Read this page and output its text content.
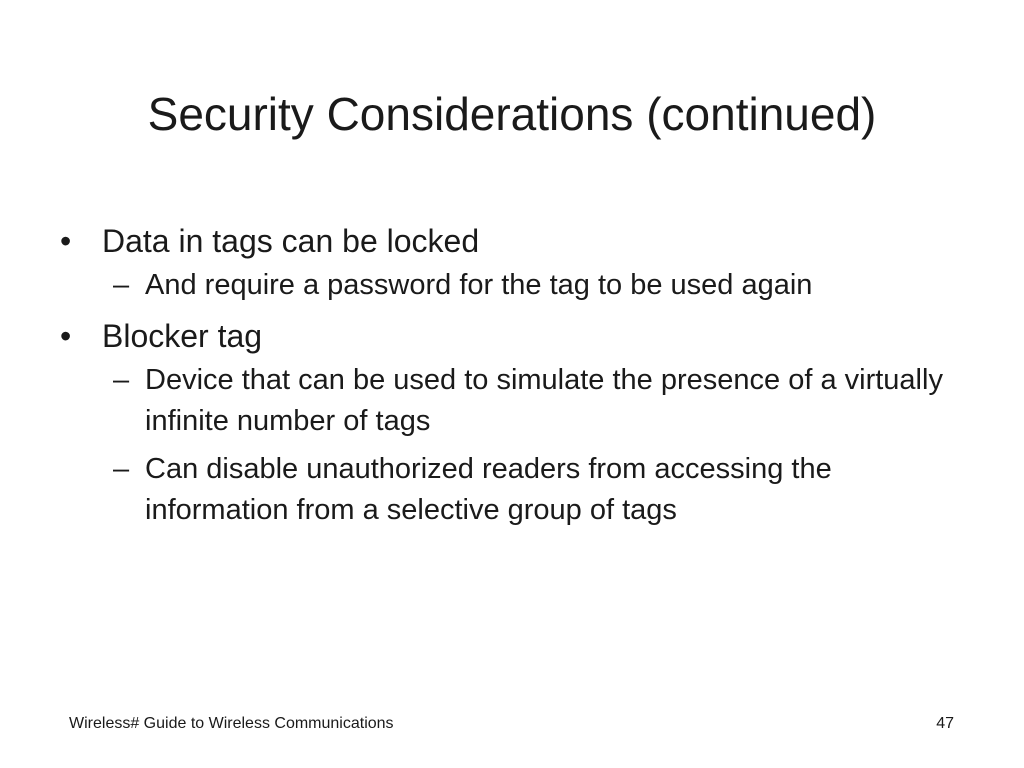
Security Considerations (continued)
• Data in tags can be locked
– And require a password for the tag to be used again
• Blocker tag
– Device that can be used to simulate the presence of a virtually infinite number of tags
– Can disable unauthorized readers from accessing the information from a selective group of tags
Wireless# Guide to Wireless Communications	47
